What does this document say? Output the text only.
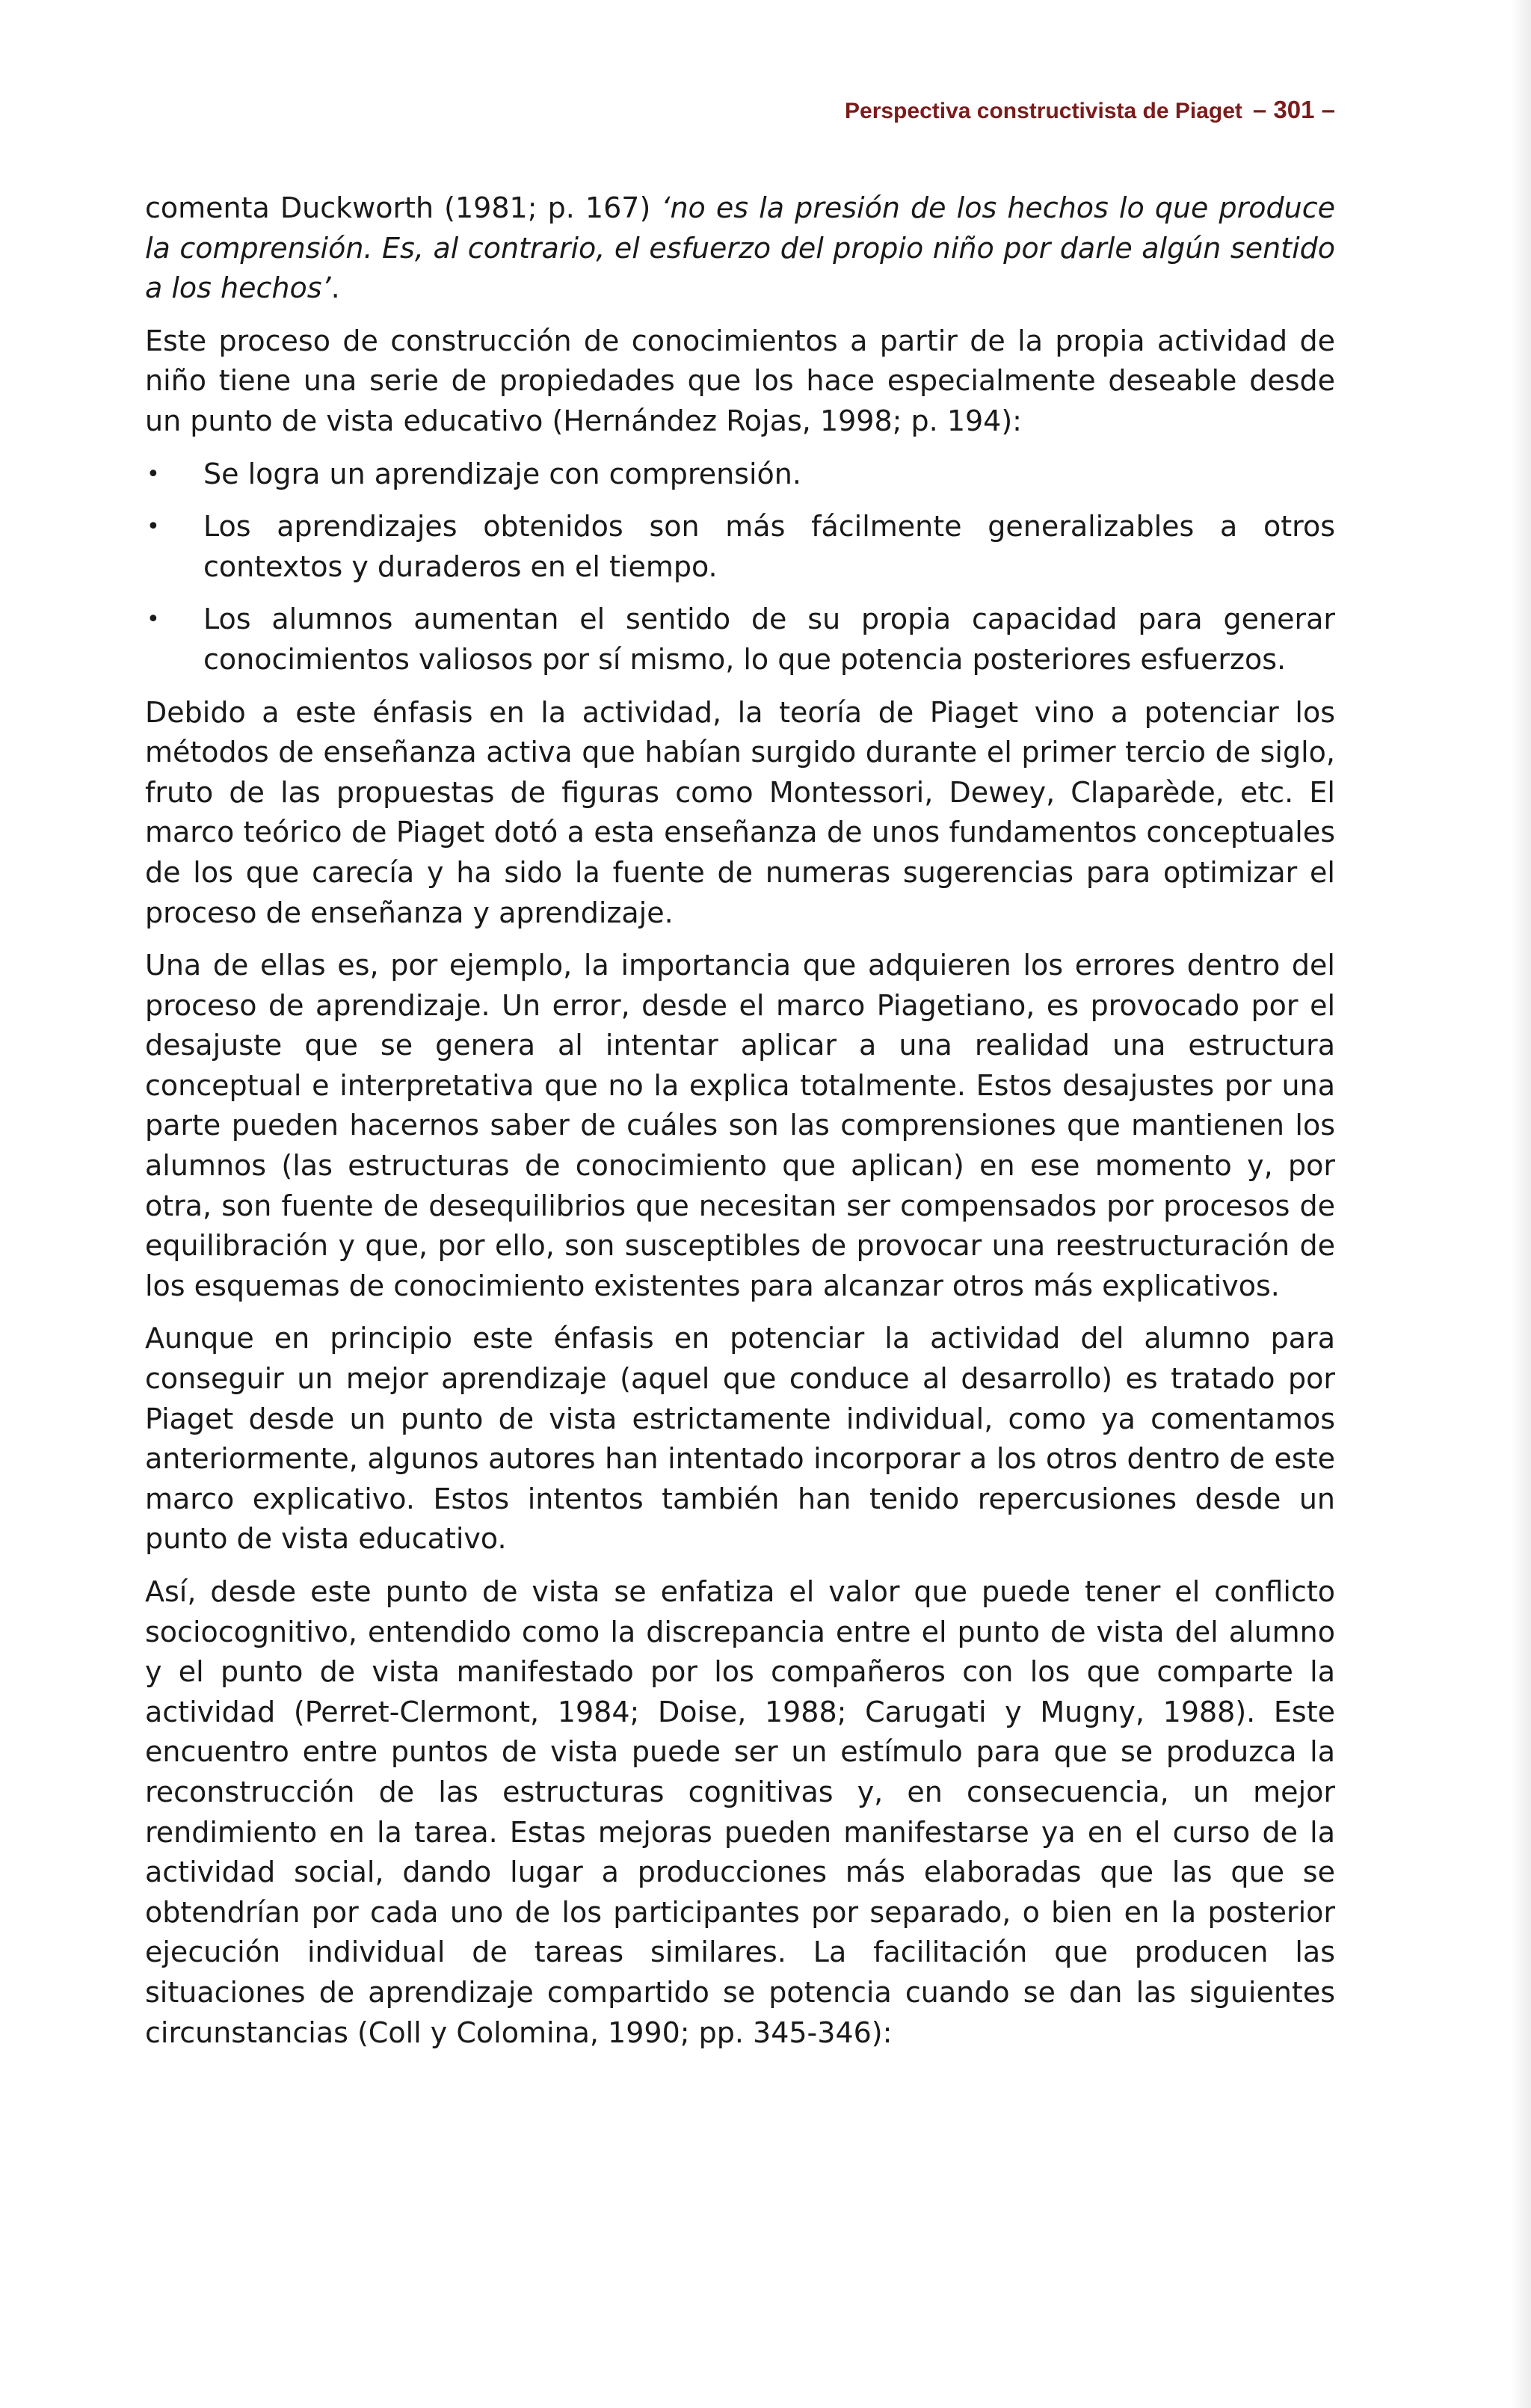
Perspectiva constructivista de Piaget – 301 –

comenta Duckworth (1981; p. 167) ‘no es la presión de los hechos lo que produce la comprensión. Es, al contrario, el esfuerzo del propio niño por darle algún sentido a los hechos’.

Este proceso de construcción de conocimientos a partir de la propia actividad de niño tiene una serie de propiedades que los hace especialmente deseable desde un punto de vista educativo (Hernández Rojas, 1998; p. 194):

• Se logra un aprendizaje con comprensión.
• Los aprendizajes obtenidos son más fácilmente generalizables a otros contextos y duraderos en el tiempo.
• Los alumnos aumentan el sentido de su propia capacidad para generar conocimientos valiosos por sí mismo, lo que potencia posteriores esfuerzos.

Debido a este énfasis en la actividad, la teoría de Piaget vino a potenciar los métodos de enseñanza activa que habían surgido durante el primer tercio de siglo, fruto de las propuestas de figuras como Montessori, Dewey, Claparède, etc. El marco teórico de Piaget dotó a esta enseñanza de unos fundamentos conceptuales de los que carecía y ha sido la fuente de numeras sugerencias para optimizar el proceso de enseñanza y aprendizaje.

Una de ellas es, por ejemplo, la importancia que adquieren los errores dentro del proceso de aprendizaje. Un error, desde el marco Piagetiano, es provocado por el desajuste que se genera al intentar aplicar a una realidad una estructura conceptual e interpretativa que no la explica totalmente. Estos desajustes por una parte pueden hacernos saber de cuáles son las comprensiones que mantienen los alumnos (las estructuras de conocimiento que aplican) en ese momento y, por otra, son fuente de desequilibrios que necesitan ser compensados por procesos de equilibración y que, por ello, son susceptibles de provocar una reestructuración de los esquemas de conocimiento existentes para alcanzar otros más explicativos.

Aunque en principio este énfasis en potenciar la actividad del alumno para conseguir un mejor aprendizaje (aquel que conduce al desarrollo) es tratado por Piaget desde un punto de vista estrictamente individual, como ya comentamos anteriormente, algunos autores han intentado incorporar a los otros dentro de este marco explicativo. Estos intentos también han tenido repercusiones desde un punto de vista educativo.

Así, desde este punto de vista se enfatiza el valor que puede tener el conflicto sociocognitivo, entendido como la discrepancia entre el punto de vista del alumno y el punto de vista manifestado por los compañeros con los que comparte la actividad (Perret-Clermont, 1984; Doise, 1988; Carugati y Mugny, 1988). Este encuentro entre puntos de vista puede ser un estímulo para que se produzca la reconstrucción de las estructuras cognitivas y, en consecuencia, un mejor rendimiento en la tarea. Estas mejoras pueden manifestarse ya en el curso de la actividad social, dando lugar a producciones más elaboradas que las que se obtendrían por cada uno de los participantes por separado, o bien en la posterior ejecución individual de tareas similares. La facilitación que producen las situaciones de aprendizaje compartido se potencia cuando se dan las siguientes circunstancias (Coll y Colomina, 1990; pp. 345-346):
